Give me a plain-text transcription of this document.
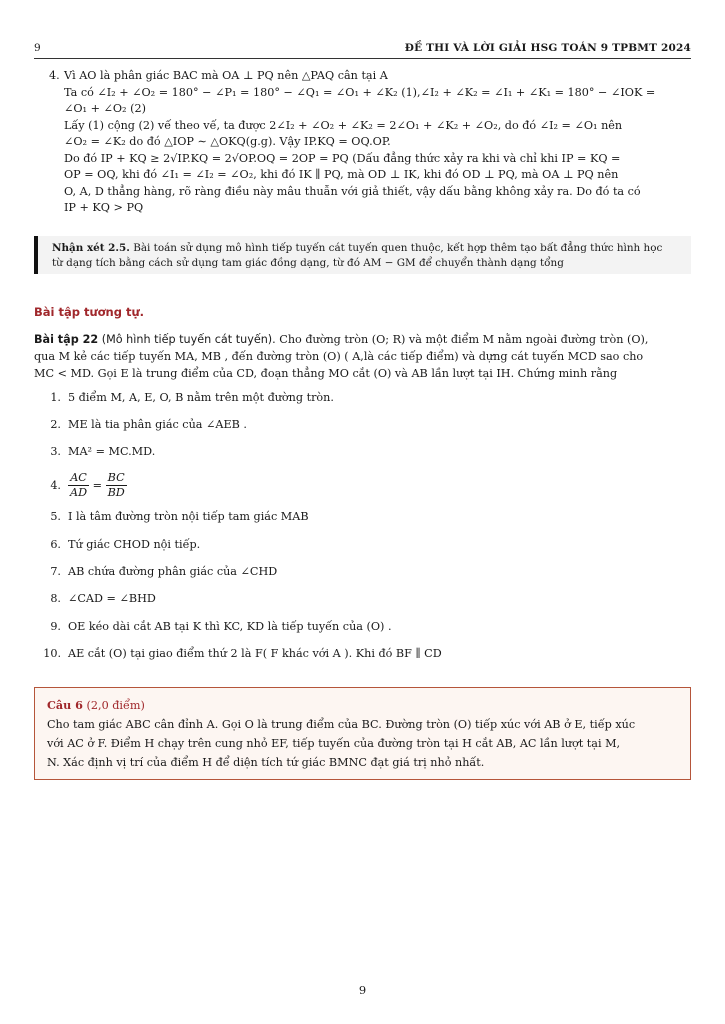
9	ĐỀ THI VÀ LỜI GIẢI HSG TOÁN 9 TPBMT 2024
4. Vì AO là phân giác BAC mà OA ⊥ PQ nên △PAQ cân tại A

Ta có ∠I₂ + ∠O₂ = 180° − ∠P₁ = 180° − ∠Q₁ = ∠O₁ + ∠K₂ (1),∠I₂ + ∠K₂ = ∠I₁ + ∠K₁ = 180° − ∠IOK =

∠O₁ + ∠O₂ (2)

Lấy (1) cộng (2) vế theo vế, ta được 2∠I₂ + ∠O₂ + ∠K₂ = 2∠O₁ + ∠K₂ + ∠O₂, do đó ∠I₂ = ∠O₁ nên

∠O₂ = ∠K₂ do đó △IOP ∼ △OKQ(g.g). Vậy IP.KQ = OQ.OP.

Do đó IP + KQ ≥ 2√IP.KQ = 2√OP.OQ = 2OP = PQ (Dấu đẳng thức xảy ra khi và chỉ khi IP = KQ =

OP = OQ, khi đó ∠I₁ = ∠I₂ = ∠O₂, khi đó IK ∥ PQ, mà OD ⊥ IK, khi đó OD ⊥ PQ, mà OA ⊥ PQ nên

O, A, D thẳng hàng, rõ ràng điều này mâu thuẫn với giả thiết, vậy dấu bằng không xảy ra. Do đó ta có

IP + KQ > PQ

Nhận xét 2.5. Bài toán sử dụng mô hình tiếp tuyến cát tuyến quen thuộc, kết hợp thêm tạo bất đẳng thức hình học
từ dạng tích bằng cách sử dụng tam giác đồng dạng, từ đó AM − GM để chuyển thành dạng tổng
Bài tập tương tự.
Bài tập 22 (Mô hình tiếp tuyến cát tuyến). Cho đường tròn (O; R) và một điểm M nằm ngoài đường tròn (O),
qua M kẻ các tiếp tuyến MA, MB , đến đường tròn (O) ( A,là các tiếp điểm) và dựng cát tuyến MCD sao cho
MC < MD. Gọi E là trung điểm của CD, đoạn thẳng MO cắt (O) và AB lần lượt tại IH. Chứng minh rằng
1. 5 điểm M, A, E, O, B nằm trên một đường tròn.
2. ME là tia phân giác của ∠AEB .
3. MA² = MC.MD.
4. $\frac{AC}{AD} = \frac{BC}{BD}$
5. I là tâm đường tròn nội tiếp tam giác MAB
6. Tứ giác CHOD nội tiếp.
7. AB chứa đường phân giác của ∠CHD
8. ∠CAD = ∠BHD
9. OE kéo dài cắt AB tại K thì KC, KD là tiếp tuyến của (O) .
10. AE cắt (O) tại giao điểm thứ 2 là F( F khác với A ). Khi đó BF ∥ CD

Câu 6 (2,0 điểm)

Cho tam giác ABC cân đỉnh A. Gọi O là trung điểm của BC. Đường tròn (O) tiếp xúc với AB ở E, tiếp xúc

với AC ở F. Điểm H chạy trên cung nhỏ EF, tiếp tuyến của đường tròn tại H cắt AB, AC lần lượt tại M,

N. Xác định vị trí của điểm H để diện tích tứ giác BMNC đạt giá trị nhỏ nhất.

9
